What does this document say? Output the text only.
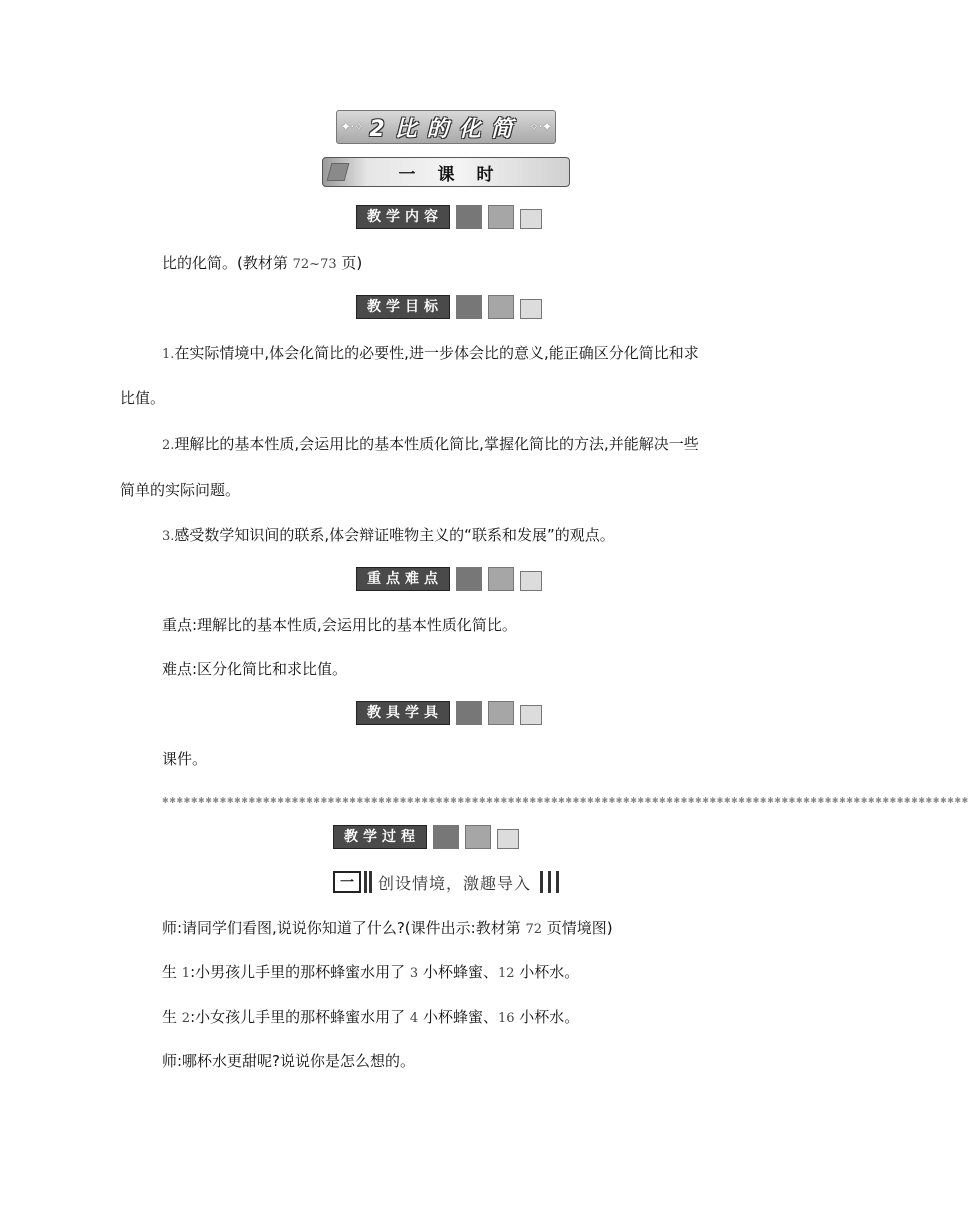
✦·✧ 2比的化简 ✧·✦
一课时
教学内容
比的化简。(教材第 72~73 页)
教学目标
1.在实际情境中,体会化简比的必要性,进一步体会比的意义,能正确区分化简比和求
比值。
2.理解比的基本性质,会运用比的基本性质化简比,掌握化简比的方法,并能解决一些
简单的实际问题。
3.感受数学知识间的联系,体会辩证唯物主义的“联系和发展”的观点。
重点难点
重点:理解比的基本性质,会运用比的基本性质化简比。
难点:区分化简比和求比值。
教具学具
课件。
✱✱✱✱✱✱✱✱✱✱✱✱✱✱✱✱✱✱✱✱✱✱✱✱✱✱✱✱✱✱✱✱✱✱✱✱✱✱✱✱✱✱✱✱✱✱✱✱✱✱✱✱✱✱✱✱✱✱✱✱✱✱✱✱✱✱✱✱✱✱✱✱✱✱✱✱✱✱✱✱✱✱✱✱✱✱✱✱✱✱✱✱✱✱✱✱✱✱✱✱✱✱✱✱✱✱✱✱✱✱✱✱
教学过程
一	创设情境，激趣导入
师:请同学们看图,说说你知道了什么?(课件出示:教材第 72 页情境图)
生 1:小男孩儿手里的那杯蜂蜜水用了 3 小杯蜂蜜、12 小杯水。
生 2:小女孩儿手里的那杯蜂蜜水用了 4 小杯蜂蜜、16 小杯水。
师:哪杯水更甜呢?说说你是怎么想的。
